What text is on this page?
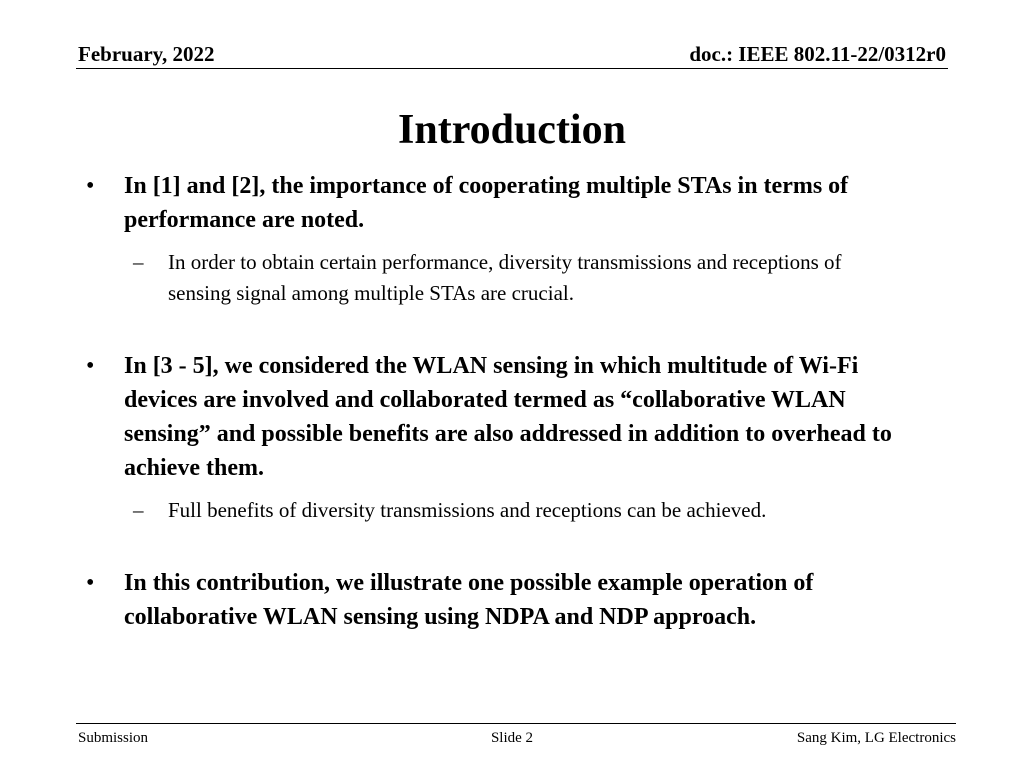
February, 2022	doc.: IEEE 802.11-22/0312r0
Introduction
• In [1] and [2], the importance of cooperating multiple STAs in terms of performance are noted.
– In order to obtain certain performance, diversity transmissions and receptions of sensing signal among multiple STAs are crucial.
• In [3 - 5], we considered the WLAN sensing in which multitude of Wi-Fi devices are involved and collaborated termed as “collaborative WLAN sensing” and possible benefits are also addressed in addition to overhead to achieve them.
– Full benefits of diversity transmissions and receptions can be achieved.
• In this contribution, we illustrate one possible example operation of collaborative WLAN sensing using NDPA and NDP approach.
Submission	Slide 2	Sang Kim, LG Electronics
